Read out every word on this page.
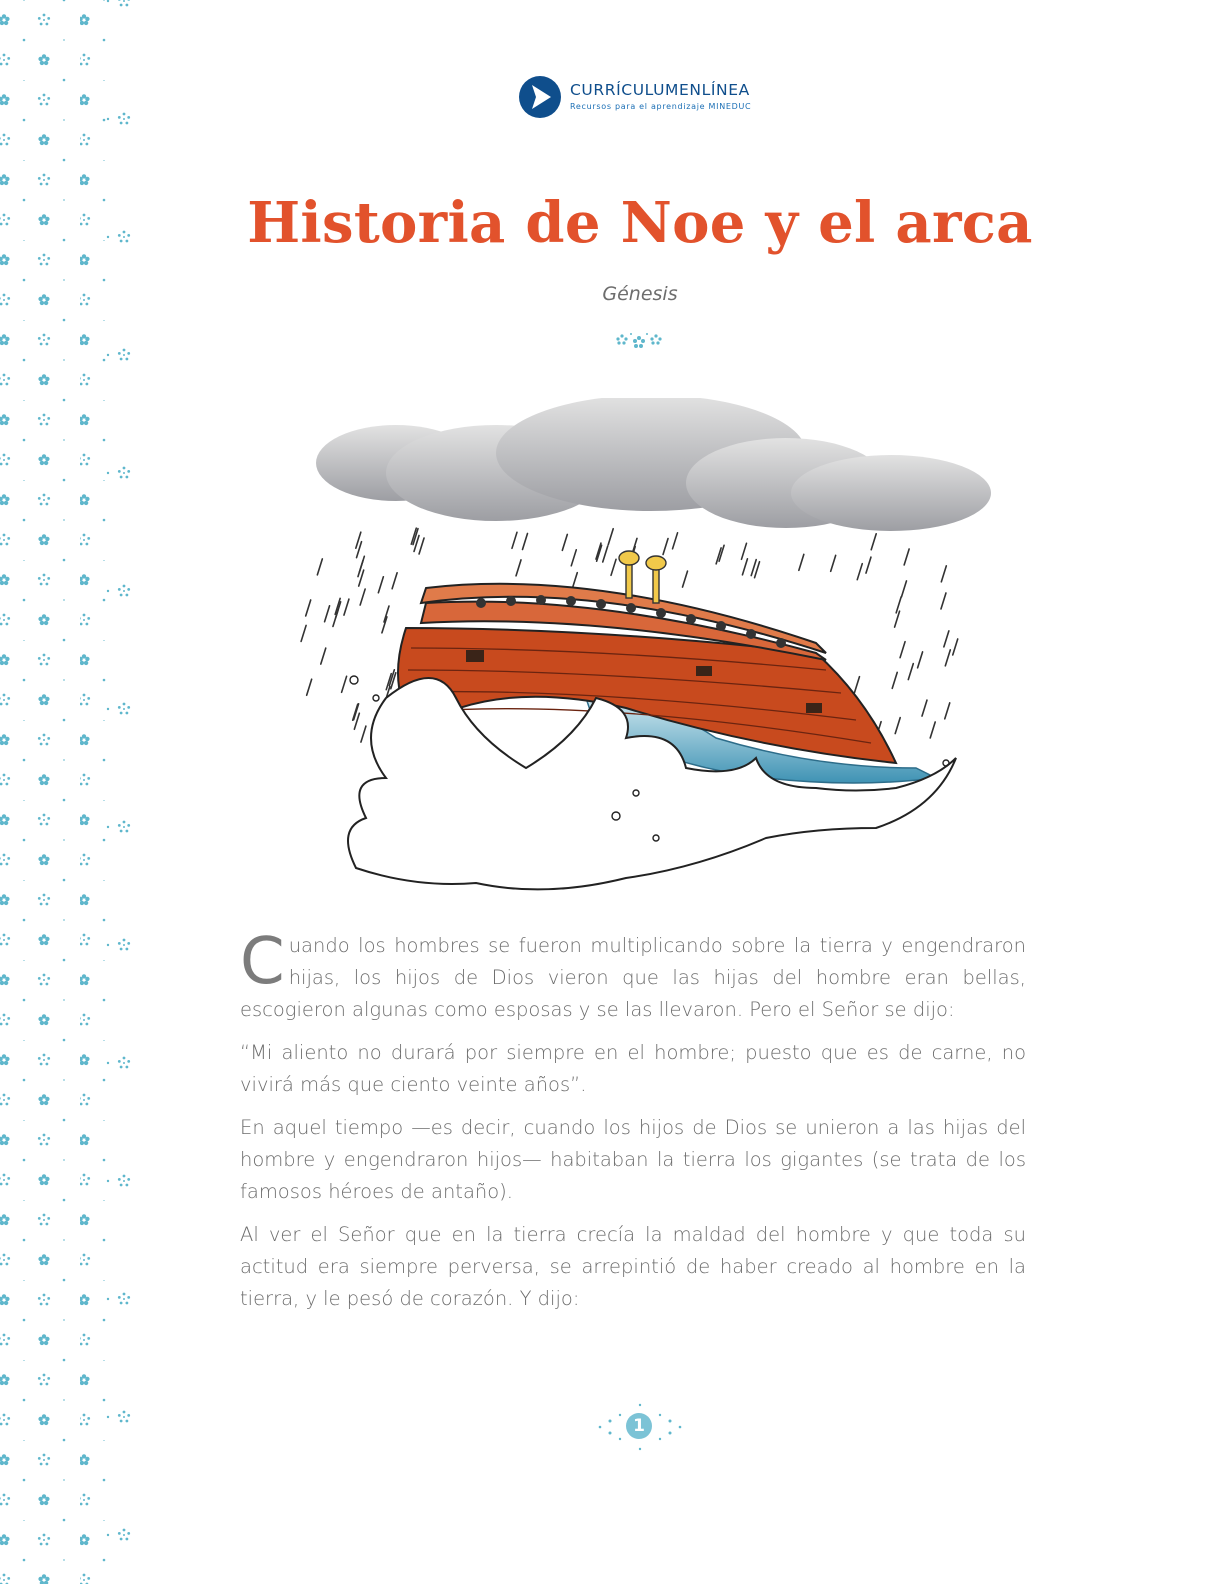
CURRÍCULUMENLÍNEA
Recursos para el aprendizaje MINEDUC
Historia de Noe y el arca
Génesis

Cuando los hombres se fueron multiplicando sobre la tierra y engendraron hijas, los hijos de Dios vieron que las hijas del hombre eran bellas, escogieron algunas como esposas y se las llevaron. Pero el Señor se dijo:

“Mi aliento no durará por siempre en el hombre; puesto que es de carne, no vivirá más que ciento veinte años”.

En aquel tiempo —es decir, cuando los hijos de Dios se unieron a las hijas del hombre y engendraron hijos— habitaban la tierra los gigantes (se trata de los famosos héroes de antaño).

Al ver el Señor que en la tierra crecía la maldad del hombre y que toda su actitud era siempre perversa, se arrepintió de haber creado al hombre en la tierra, y le pesó de corazón. Y dijo:

1
